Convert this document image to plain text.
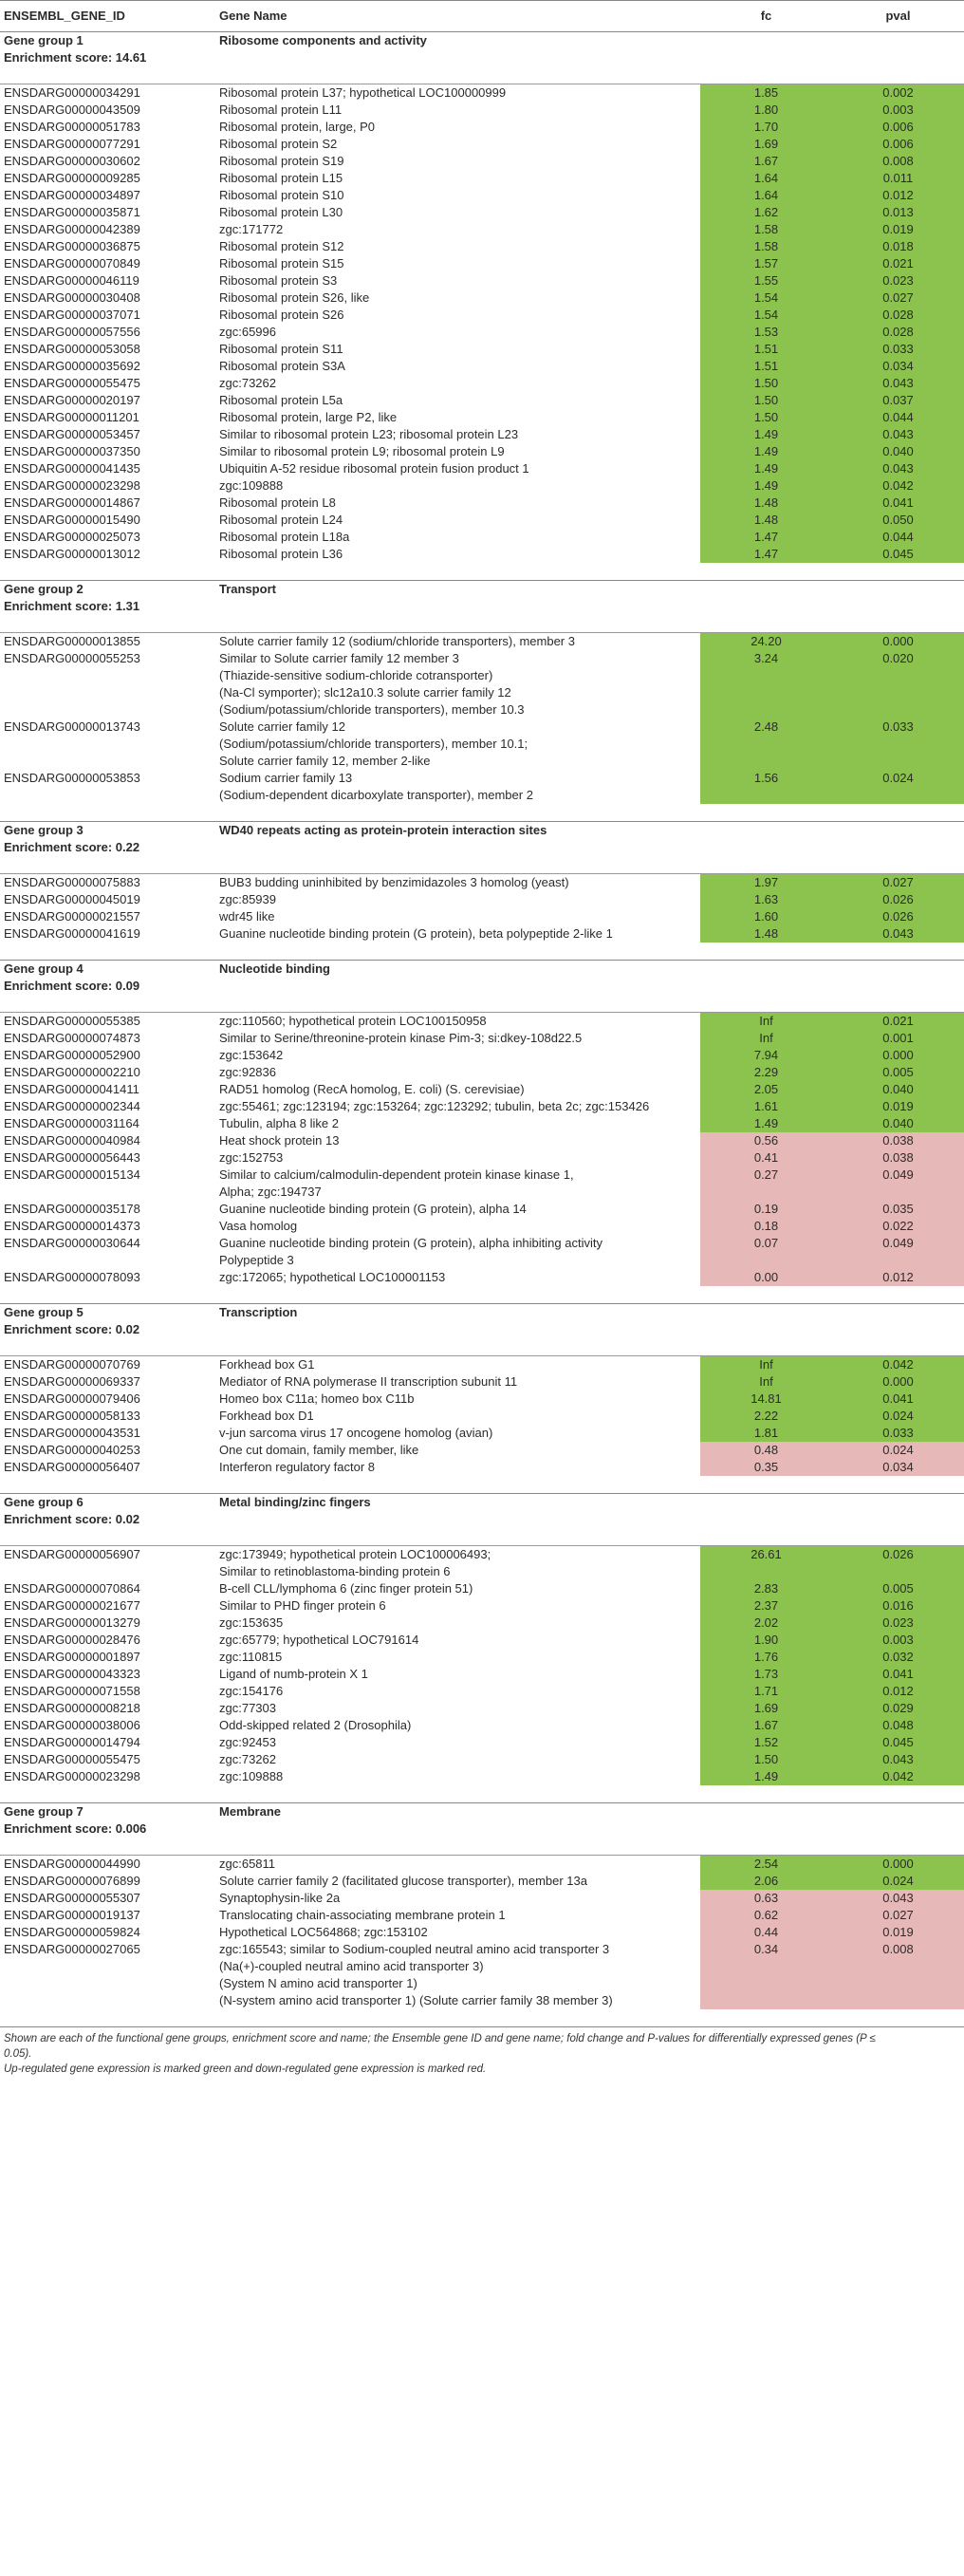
ENSEMBL_GENE_ID	Gene Name	fc	pval
Gene group 1	Ribosome components and activity		
Enrichment score: 14.61			

ENSDARG00000034291	Ribosomal protein L37; hypothetical LOC100000999	1.85	0.002
ENSDARG00000043509	Ribosomal protein L11	1.80	0.003
ENSDARG00000051783	Ribosomal protein, large, P0	1.70	0.006
ENSDARG00000077291	Ribosomal protein S2	1.69	0.006
ENSDARG00000030602	Ribosomal protein S19	1.67	0.008
ENSDARG00000009285	Ribosomal protein L15	1.64	0.011
ENSDARG00000034897	Ribosomal protein S10	1.64	0.012
ENSDARG00000035871	Ribosomal protein L30	1.62	0.013
ENSDARG00000042389	zgc:171772	1.58	0.019
ENSDARG00000036875	Ribosomal protein S12	1.58	0.018
ENSDARG00000070849	Ribosomal protein S15	1.57	0.021
ENSDARG00000046119	Ribosomal protein S3	1.55	0.023
ENSDARG00000030408	Ribosomal protein S26, like	1.54	0.027
ENSDARG00000037071	Ribosomal protein S26	1.54	0.028
ENSDARG00000057556	zgc:65996	1.53	0.028
ENSDARG00000053058	Ribosomal protein S11	1.51	0.033
ENSDARG00000035692	Ribosomal protein S3A	1.51	0.034
ENSDARG00000055475	zgc:73262	1.50	0.043
ENSDARG00000020197	Ribosomal protein L5a	1.50	0.037
ENSDARG00000011201	Ribosomal protein, large P2, like	1.50	0.044
ENSDARG00000053457	Similar to ribosomal protein L23; ribosomal protein L23	1.49	0.043
ENSDARG00000037350	Similar to ribosomal protein L9; ribosomal protein L9	1.49	0.040
ENSDARG00000041435	Ubiquitin A-52 residue ribosomal protein fusion product 1	1.49	0.043
ENSDARG00000023298	zgc:109888	1.49	0.042
ENSDARG00000014867	Ribosomal protein L8	1.48	0.041
ENSDARG00000015490	Ribosomal protein L24	1.48	0.050
ENSDARG00000025073	Ribosomal protein L18a	1.47	0.044
ENSDARG00000013012	Ribosomal protein L36	1.47	0.045

Gene group 2	Transport		
Enrichment score: 1.31			

ENSDARG00000013855	Solute carrier family 12 (sodium/chloride transporters), member 3	24.20	0.000
ENSDARG00000055253	Similar to Solute carrier family 12 member 3	3.24	0.020
	(Thiazide-sensitive sodium-chloride cotransporter)		
	(Na-Cl symporter); slc12a10.3 solute carrier family 12		
	(Sodium/potassium/chloride transporters), member 10.3		
ENSDARG00000013743	Solute carrier family 12	2.48	0.033
	(Sodium/potassium/chloride transporters), member 10.1;		
	Solute carrier family 12, member 2-like		
ENSDARG00000053853	Sodium carrier family 13	1.56	0.024
	(Sodium-dependent dicarboxylate transporter), member 2		

Gene group 3	WD40 repeats acting as protein-protein interaction sites		
Enrichment score: 0.22			

ENSDARG00000075883	BUB3 budding uninhibited by benzimidazoles 3 homolog (yeast)	1.97	0.027
ENSDARG00000045019	zgc:85939	1.63	0.026
ENSDARG00000021557	wdr45 like	1.60	0.026
ENSDARG00000041619	Guanine nucleotide binding protein (G protein), beta polypeptide 2-like 1	1.48	0.043

Gene group 4	Nucleotide binding		
Enrichment score: 0.09			

ENSDARG00000055385	zgc:110560; hypothetical protein LOC100150958	Inf	0.021
ENSDARG00000074873	Similar to Serine/threonine-protein kinase Pim-3; si:dkey-108d22.5	Inf	0.001
ENSDARG00000052900	zgc:153642	7.94	0.000
ENSDARG00000002210	zgc:92836	2.29	0.005
ENSDARG00000041411	RAD51 homolog (RecA homolog, E. coli) (S. cerevisiae)	2.05	0.040
ENSDARG00000002344	zgc:55461; zgc:123194; zgc:153264; zgc:123292; tubulin, beta 2c; zgc:153426	1.61	0.019
ENSDARG00000031164	Tubulin, alpha 8 like 2	1.49	0.040
ENSDARG00000040984	Heat shock protein 13	0.56	0.038
ENSDARG00000056443	zgc:152753	0.41	0.038
ENSDARG00000015134	Similar to calcium/calmodulin-dependent protein kinase kinase 1,	0.27	0.049
	Alpha; zgc:194737		
ENSDARG00000035178	Guanine nucleotide binding protein (G protein), alpha 14	0.19	0.035
ENSDARG00000014373	Vasa homolog	0.18	0.022
ENSDARG00000030644	Guanine nucleotide binding protein (G protein), alpha inhibiting activity	0.07	0.049
	Polypeptide 3		
ENSDARG00000078093	zgc:172065; hypothetical LOC100001153	0.00	0.012

Gene group 5	Transcription		
Enrichment score: 0.02			

ENSDARG00000070769	Forkhead box G1	Inf	0.042
ENSDARG00000069337	Mediator of RNA polymerase II transcription subunit 11	Inf	0.000
ENSDARG00000079406	Homeo box C11a; homeo box C11b	14.81	0.041
ENSDARG00000058133	Forkhead box D1	2.22	0.024
ENSDARG00000043531	v-jun sarcoma virus 17 oncogene homolog (avian)	1.81	0.033
ENSDARG00000040253	One cut domain, family member, like	0.48	0.024
ENSDARG00000056407	Interferon regulatory factor 8	0.35	0.034

Gene group 6	Metal binding/zinc fingers		
Enrichment score: 0.02			

ENSDARG00000056907	zgc:173949; hypothetical protein LOC100006493;	26.61	0.026
	Similar to retinoblastoma-binding protein 6		
ENSDARG00000070864	B-cell CLL/lymphoma 6 (zinc finger protein 51)	2.83	0.005
ENSDARG00000021677	Similar to PHD finger protein 6	2.37	0.016
ENSDARG00000013279	zgc:153635	2.02	0.023
ENSDARG00000028476	zgc:65779; hypothetical LOC791614	1.90	0.003
ENSDARG00000001897	zgc:110815	1.76	0.032
ENSDARG00000043323	Ligand of numb-protein X 1	1.73	0.041
ENSDARG00000071558	zgc:154176	1.71	0.012
ENSDARG00000008218	zgc:77303	1.69	0.029
ENSDARG00000038006	Odd-skipped related 2 (Drosophila)	1.67	0.048
ENSDARG00000014794	zgc:92453	1.52	0.045
ENSDARG00000055475	zgc:73262	1.50	0.043
ENSDARG00000023298	zgc:109888	1.49	0.042

Gene group 7	Membrane		
Enrichment score: 0.006			

ENSDARG00000044990	zgc:65811	2.54	0.000
ENSDARG00000076899	Solute carrier family 2 (facilitated glucose transporter), member 13a	2.06	0.024
ENSDARG00000055307	Synaptophysin-like 2a	0.63	0.043
ENSDARG00000019137	Translocating chain-associating membrane protein 1	0.62	0.027
ENSDARG00000059824	Hypothetical LOC564868; zgc:153102	0.44	0.019
ENSDARG00000027065	zgc:165543; similar to Sodium-coupled neutral amino acid transporter 3	0.34	0.008
	(Na(+)-coupled neutral amino acid transporter 3)		
	(System N amino acid transporter 1)		
	(N-system amino acid transporter 1) (Solute carrier family 38 member 3)		

Shown are each of the functional gene groups, enrichment score and name; the Ensemble gene ID and gene name; fold change and P-values for differentially expressed genes (P ≤
0.05).
Up-regulated gene expression is marked green and down-regulated gene expression is marked red.
